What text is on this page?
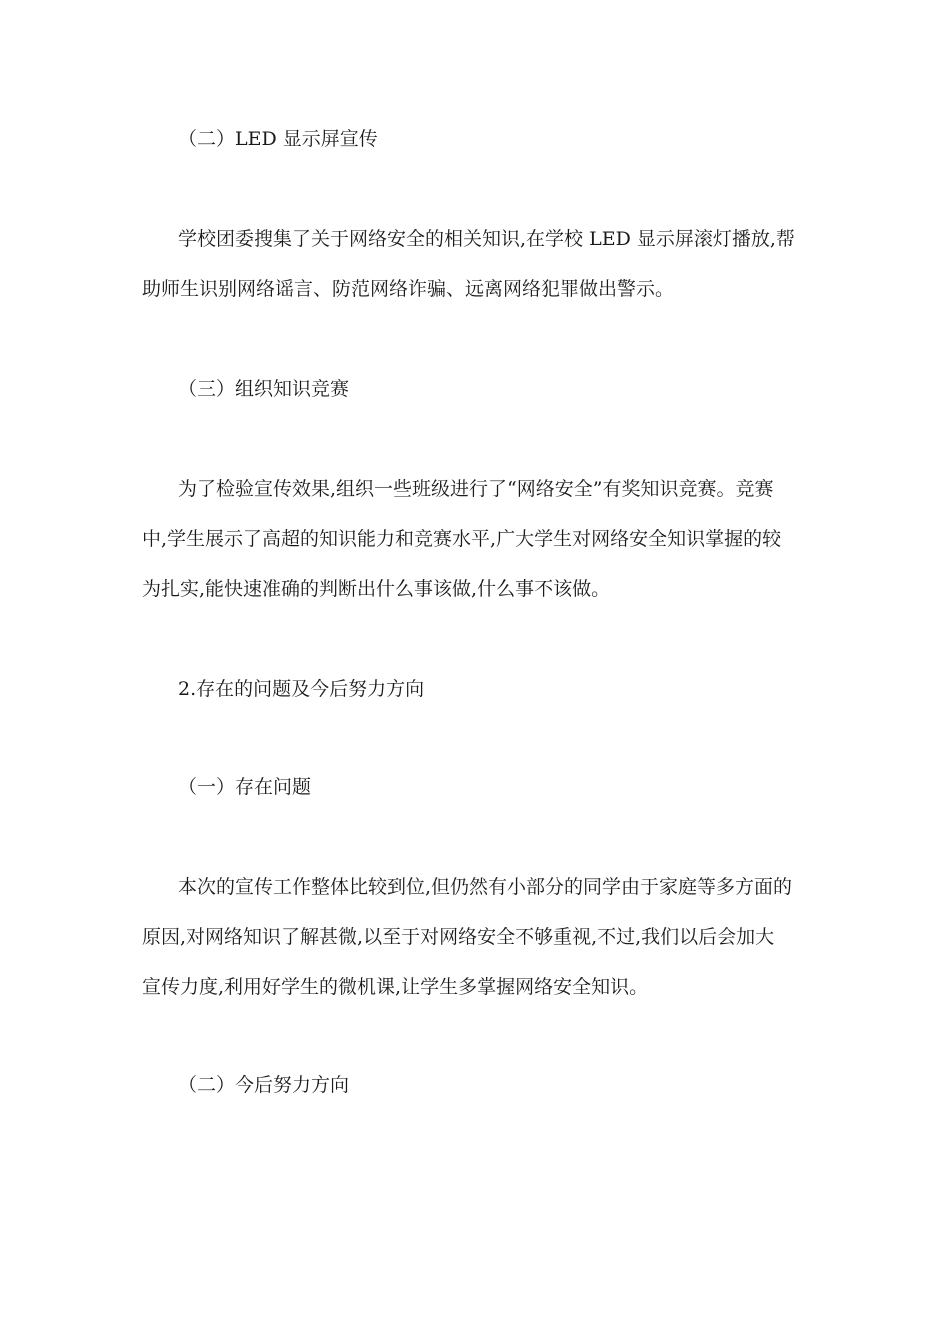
（二）LED 显示屏宣传

学校团委搜集了关于网络安全的相关知识,在学校 LED 显示屏滚灯播放,帮

助师生识别网络谣言、防范网络诈骗、远离网络犯罪做出警示。

（三）组织知识竞赛

为了检验宣传效果,组织一些班级进行了“网络安全”有奖知识竞赛。竞赛

中,学生展示了高超的知识能力和竞赛水平,广大学生对网络安全知识掌握的较

为扎实,能快速准确的判断出什么事该做,什么事不该做。

2.存在的问题及今后努力方向

（一）存在问题

本次的宣传工作整体比较到位,但仍然有小部分的同学由于家庭等多方面的

原因,对网络知识了解甚微,以至于对网络安全不够重视,不过,我们以后会加大

宣传力度,利用好学生的微机课,让学生多掌握网络安全知识。

（二）今后努力方向
